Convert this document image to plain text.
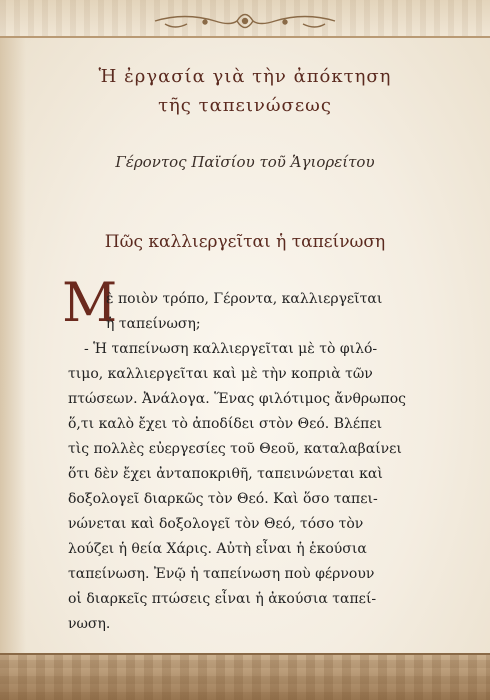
Ἡ ἐργασία γιὰ τὴν ἀπόκτηση
τῆς ταπεινώσεως
Γέροντος Παϊσίου τοῦ Ἁγιορείτου
Πῶς καλλιεργεῖται ἡ ταπείνωση
Μ
ὲ ποιὸν τρόπο, Γέροντα, καλλιεργεῖται
ἡ ταπείνωση;
- Ἡ ταπείνωση καλλιεργεῖται μὲ τὸ φιλό-
τιμο, καλλιεργεῖται καὶ μὲ τὴν κοπριὰ τῶν
πτώσεων. Ἀνάλογα. Ἕνας φιλότιμος ἄνθρωπος
ὅ,τι καλὸ ἔχει τὸ ἀποδίδει στὸν Θεό. Βλέπει
τὶς πολλὲς εὐεργεσίες τοῦ Θεοῦ, καταλαβαίνει
ὅτι δὲν ἔχει ἀνταποκριθῆ, ταπεινώνεται καὶ
δοξολογεῖ διαρκῶς τὸν Θεό. Καὶ ὅσο ταπει-
νώνεται καὶ δοξολογεῖ τὸν Θεό, τόσο τὸν
λούζει ἡ θεία Χάρις. Αὐτὴ εἶναι ἡ ἑκούσια
ταπείνωση. Ἐνῷ ἡ ταπείνωση ποὺ φέρνουν
οἱ διαρκεῖς πτώσεις εἶναι ἡ ἀκούσια ταπεί-
νωση.
